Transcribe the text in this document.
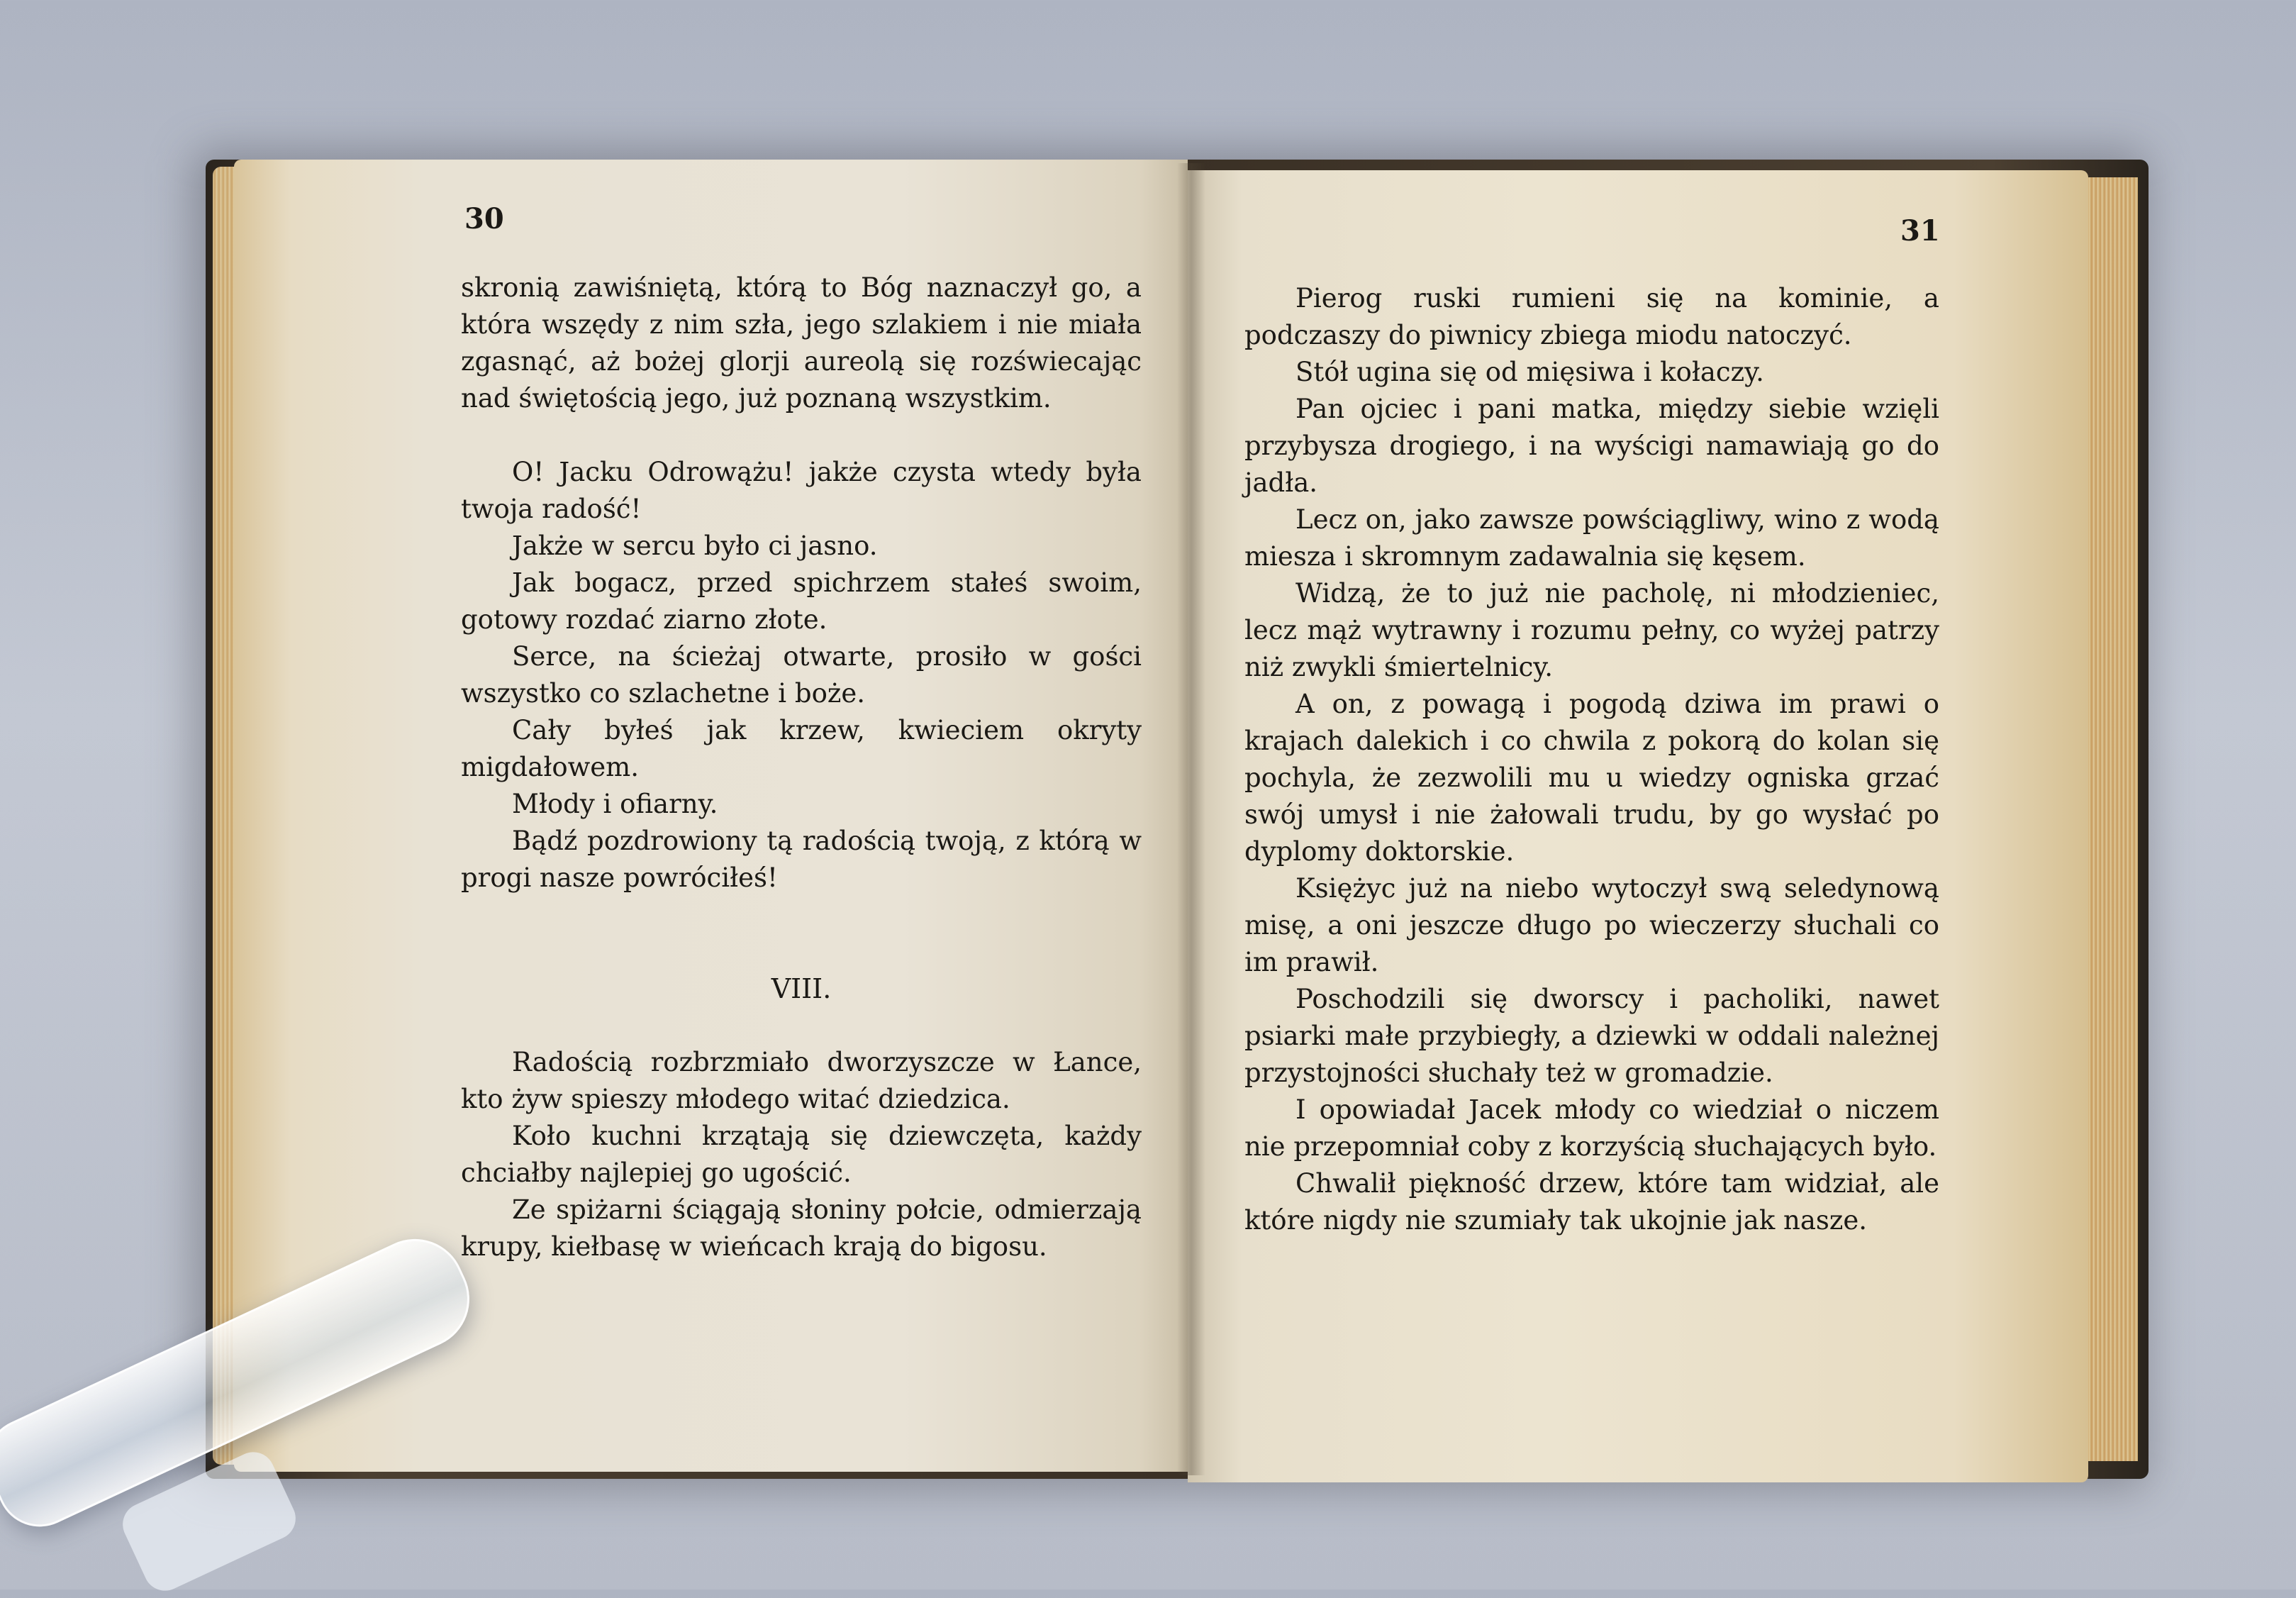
30

skronią zawiśniętą, którą to Bóg naznaczył go, a która wszędy z nim szła, jego szlakiem i nie miała zgasnąć, aż bożej glorji aureolą się rozświecając nad świętością jego, już poznaną wszystkim.

O! Jacku Odrowążu! jakże czysta wtedy była twoja radość!

Jakże w sercu było ci jasno.

Jak bogacz, przed spichrzem stałeś swoim, gotowy rozdać ziarno złote.

Serce, na ścieżaj otwarte, prosiło w gości wszystko co szlachetne i boże.

Cały byłeś jak krzew, kwieciem okryty migdałowem.

Młody i ofiarny.

Bądź pozdrowiony tą radością twoją, z którą w progi nasze powróciłeś!

VIII.

Radością rozbrzmiało dworzyszcze w Łance, kto żyw spieszy młodego witać dziedzica.

Koło kuchni krzątają się dziewczęta, każdy chciałby najlepiej go ugościć.

Ze spiżarni ściągają słoniny połcie, odmierzają krupy, kiełbasę w wieńcach krają do bigosu.

31

Pierog ruski rumieni się na kominie, a podczaszy do piwnicy zbiega miodu natoczyć.

Stół ugina się od mięsiwa i kołaczy.

Pan ojciec i pani matka, między siebie wzięli przybysza drogiego, i na wyścigi namawiają go do jadła.

Lecz on, jako zawsze powściągliwy, wino z wodą miesza i skromnym zadawalnia się kęsem.

Widzą, że to już nie pacholę, ni młodzieniec, lecz mąż wytrawny i rozumu pełny, co wyżej patrzy niż zwykli śmiertelnicy.

A on, z powagą i pogodą dziwa im prawi o krajach dalekich i co chwila z pokorą do kolan się pochyla, że zezwolili mu u wiedzy ogniska grzać swój umysł i nie żałowali trudu, by go wysłać po dyplomy doktorskie.

Księżyc już na niebo wytoczył swą seledynową misę, a oni jeszcze długo po wieczerzy słuchali co im prawił.

Poschodzili się dworscy i pacholiki, nawet psiarki małe przybiegły, a dziewki w oddali należnej przystojności słuchały też w gromadzie.

I opowiadał Jacek młody co wiedział o niczem nie przepomniał coby z korzyścią słuchających było.

Chwalił piękność drzew, które tam widział, ale które nigdy nie szumiały tak ukojnie jak nasze.
